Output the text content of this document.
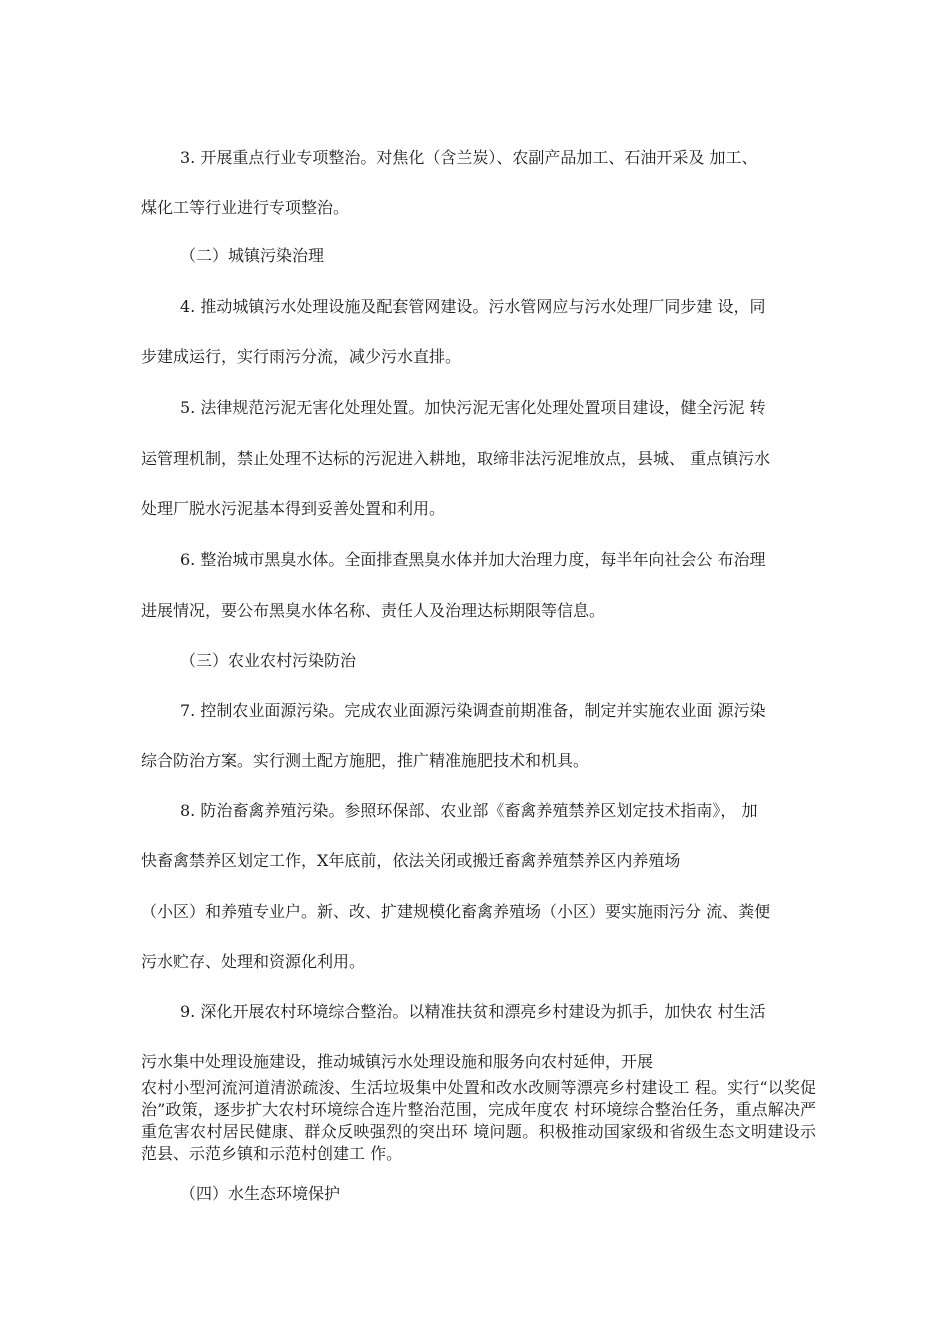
3. 开展重点行业专项整治。对焦化（含兰炭）、农副产品加工、石油开采及 加工、
煤化工等行业进行专项整治。
（二）城镇污染治理
4. 推动城镇污水处理设施及配套管网建设。污水管网应与污水处理厂同步建 设，同
步建成运行，实行雨污分流，减少污水直排。
5. 法律规范污泥无害化处理处置。加快污泥无害化处理处置项目建设，健全污泥 转
运管理机制，禁止处理不达标的污泥进入耕地，取缔非法污泥堆放点，县城、 重点镇污水
处理厂脱水污泥基本得到妥善处置和利用。
6. 整治城市黑臭水体。全面排查黑臭水体并加大治理力度，每半年向社会公 布治理
进展情况，要公布黑臭水体名称、责任人及治理达标期限等信息。
（三）农业农村污染防治
7. 控制农业面源污染。完成农业面源污染调查前期准备，制定并实施农业面 源污染
综合防治方案。实行测土配方施肥，推广精准施肥技术和机具。
8. 防治畜禽养殖污染。参照环保部、农业部《畜禽养殖禁养区划定技术指南》， 加
快畜禽禁养区划定工作，X年底前，依法关闭或搬迁畜禽养殖禁养区内养殖场
（小区）和养殖专业户。新、改、扩建规模化畜禽养殖场（小区）要实施雨污分 流、粪便
污水贮存、处理和资源化利用。
9. 深化开展农村环境综合整治。以精准扶贫和漂亮乡村建设为抓手，加快农 村生活
污水集中处理设施建设，推动城镇污水处理设施和服务向农村延伸，开展
农村小型河流河道清淤疏浚、生活垃圾集中处置和改水改厕等漂亮乡村建设工 程。实行“以奖促治”政策，逐步扩大农村环境综合连片整治范围，完成年度农 村环境综合整治任务，重点解决严重危害农村居民健康、群众反映强烈的突出环 境问题。积极推动国家级和省级生态文明建设示范县、示范乡镇和示范村创建工 作。
（四）水生态环境保护
